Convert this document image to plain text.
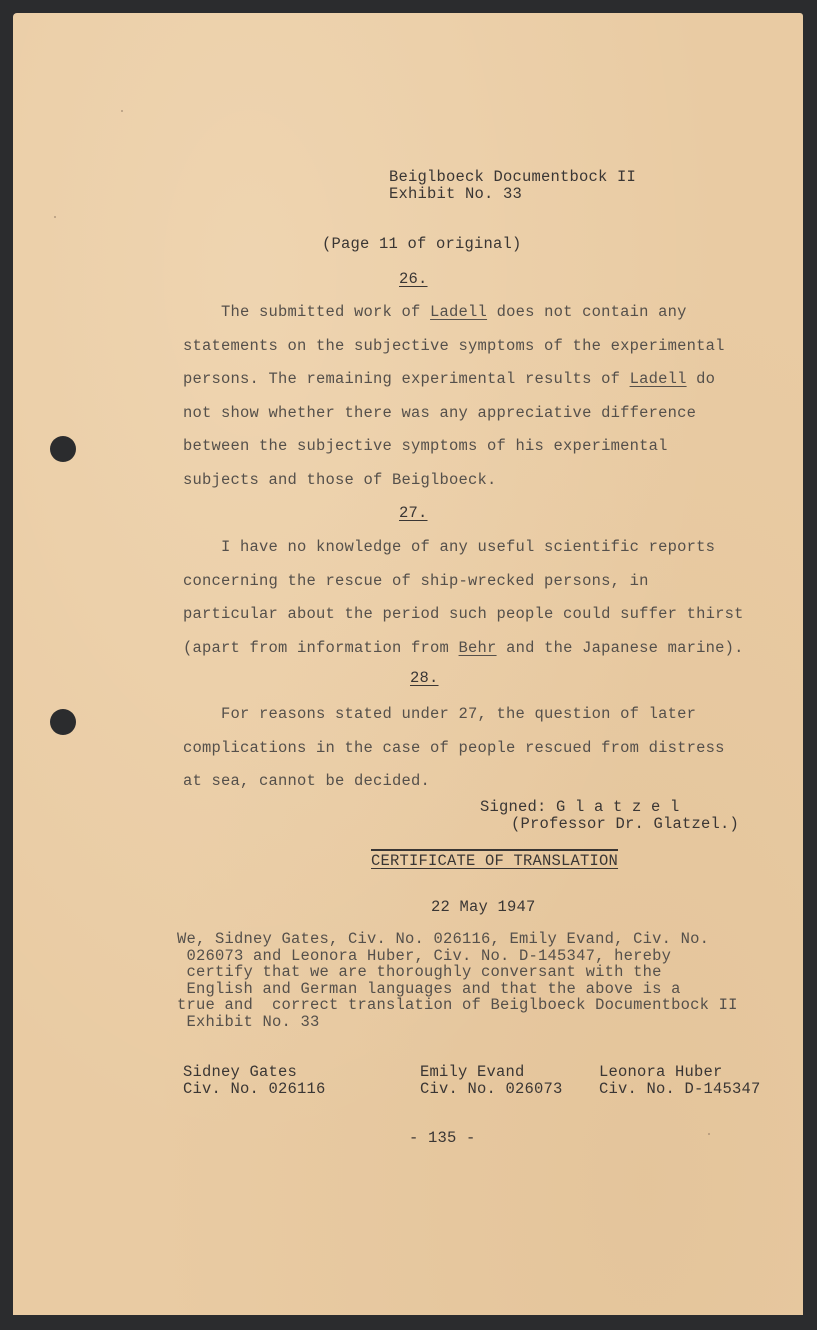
Beiglboeck Documentbock II
Exhibit No. 33
(Page 11 of original)
26.
The submitted work of Ladell does not contain any
statements on the subjective symptoms of the experimental
persons. The remaining experimental results of Ladell do
not show whether there was any appreciative difference
between the subjective symptoms of his experimental
subjects and those of Beiglboeck.
27.
I have no knowledge of any useful scientific reports
concerning the rescue of ship-wrecked persons, in
particular about the period such people could suffer thirst
(apart from information from Behr and the Japanese marine).
28.
For reasons stated under 27, the question of later
complications in the case of people rescued from distress
at sea, cannot be decided.
Signed: G l a t z e l
(Professor Dr. Glatzel.)
CERTIFICATE OF TRANSLATION
22 May 1947
We, Sidney Gates, Civ. No. 026116, Emily Evand, Civ. No.
026073 and Leonora Huber, Civ. No. D-145347, hereby
certify that we are thoroughly conversant with the
English and German languages and that the above is a
true and  correct translation of Beiglboeck Documentbock II
Exhibit No. 33
Sidney Gates
Civ. No. 026116
Emily Evand
Civ. No. 026073
Leonora Huber
Civ. No. D-145347
- 135 -
